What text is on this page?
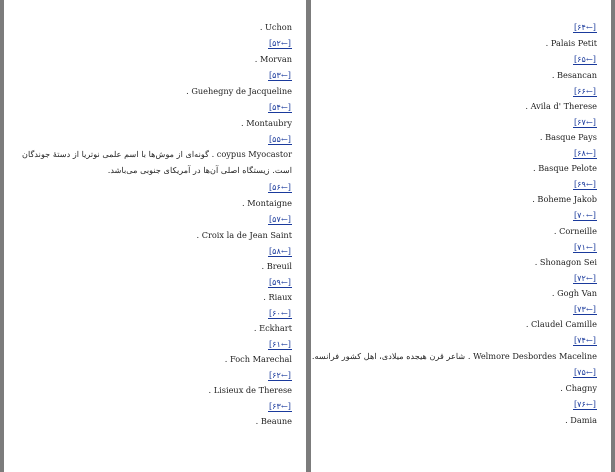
Uchon .
[←۵۲]
Morvan .
[←۵۳]
Guehegny de Jacqueline .
[←۵۴]
Montaubry .
[←۵۵]
coypus Myocastor . گونه‌ای از موش‌ها با اسم علمی نوتریا از دستهٔ جوندگان است. زیستگاه اصلی آن‌ها در آمریکای جنوبی می‌باشد.
[←۵۶]
Montaigne .
[←۵۷]
Croix la de Jean Saint .
[←۵۸]
Breuil .
[←۵۹]
Riaux .
[←۶۰]
Eckhart .
[←۶۱]
Foch Marechal .
[←۶۲]
Lisieux de Therese .
[←۶۳]
Beaune .
[←۶۴]
Palais Petit .
[←۶۵]
Besancan .
[←۶۶]
Avila d' Therese .
[←۶۷]
Basque Pays .
[←۶۸]
Basque Pelote .
[←۶۹]
Boheme Jakob .
[←۷۰]
Corneille .
[←۷۱]
Shonagon Sei .
[←۷۲]
Gogh Van .
[←۷۳]
Claudel Camille .
[←۷۴]
Welmore Desbordes Maceline . شاعر قرن هیجده میلادی، اهل کشور فرانسه.
[←۷۵]
Chagny .
[←۷۶]
Damia .
